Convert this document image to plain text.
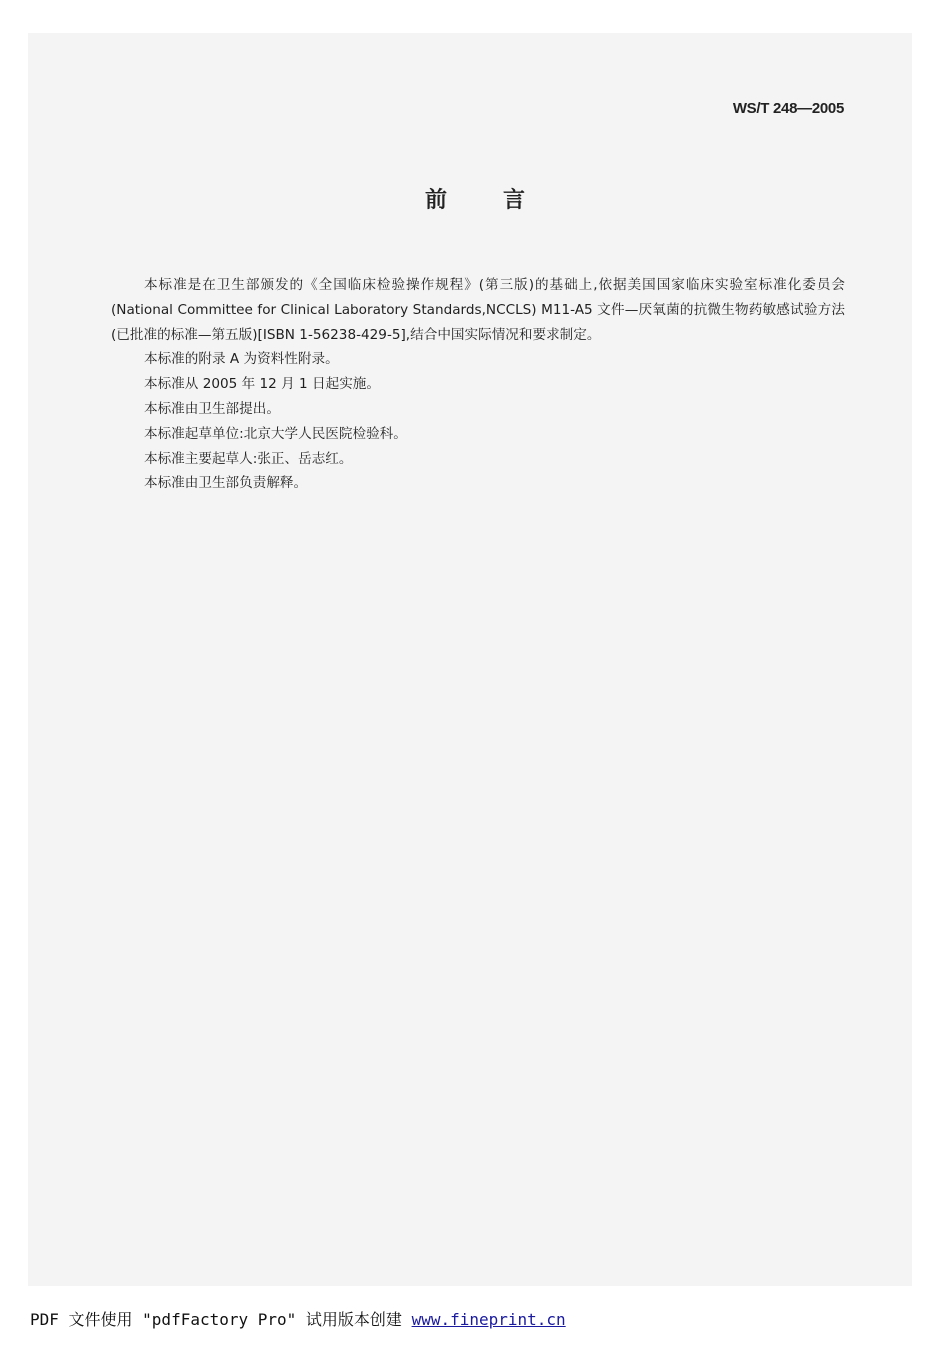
WS/T 248—2005
前	言

本标准是在卫生部颁发的《全国临床检验操作规程》(第三版)的基础上,依据美国国家临床实验室标准化委员会(National Committee for Clinical Laboratory Standards,NCCLS) M11-A5 文件—厌氧菌的抗微生物药敏感试验方法(已批准的标准—第五版)[ISBN 1-56238-429-5],结合中国实际情况和要求制定。

本标准的附录 A 为资料性附录。

本标准从 2005 年 12 月 1 日起实施。

本标准由卫生部提出。

本标准起草单位:北京大学人民医院检验科。

本标准主要起草人:张正、岳志红。

本标准由卫生部负责解释。

PDF 文件使用 "pdfFactory Pro" 试用版本创建 www.fineprint.cn
